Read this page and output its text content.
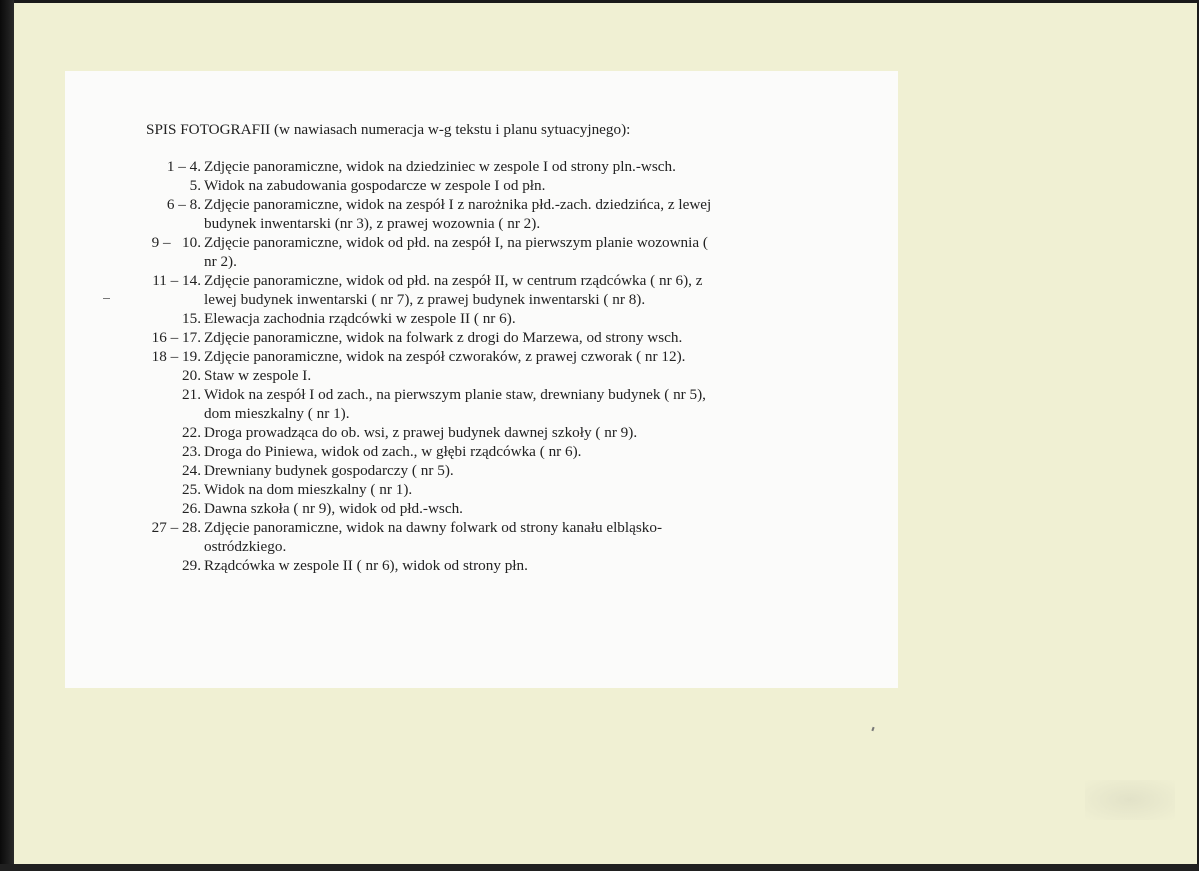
SPIS FOTOGRAFII (w nawiasach numeracja w-g tekstu i planu sytuacyjnego):
1 – 4. Zdjęcie panoramiczne, widok na dziedziniec w zespole I od strony pln.-wsch.
5. Widok na zabudowania gospodarcze w zespole I od płn.
6 – 8. Zdjęcie panoramiczne, widok na zespół I z narożnika płd.-zach. dziedzińca, z lewej budynek inwentarski (nr 3), z prawej wozownia ( nr 2).
9 –   10. Zdjęcie panoramiczne, widok od płd. na zespół I, na pierwszym planie wozownia ( nr 2).
11 – 14. Zdjęcie panoramiczne, widok od płd. na zespół II, w centrum rządcówka ( nr 6), z lewej budynek inwentarski ( nr 7), z prawej budynek inwentarski ( nr 8).
15. Elewacja zachodnia rządcówki w zespole II ( nr 6).
16 – 17. Zdjęcie panoramiczne, widok na folwark z drogi do Marzewa, od strony wsch.
18 – 19. Zdjęcie panoramiczne, widok na zespół czworaków, z prawej czworak ( nr 12).
20. Staw w zespole I.
21. Widok na zespół I od zach., na pierwszym planie staw, drewniany budynek ( nr 5), dom mieszkalny ( nr 1).
22. Droga prowadząca do ob. wsi, z prawej budynek dawnej szkoły ( nr 9).
23. Droga do Piniewa, widok od zach., w głębi rządcówka ( nr 6).
24. Drewniany budynek gospodarczy ( nr 5).
25. Widok na dom mieszkalny ( nr 1).
26. Dawna szkoła ( nr 9), widok od płd.-wsch.
27 – 28. Zdjęcie panoramiczne, widok na dawny folwark od strony kanału elbląsko-ostródzkiego.
29. Rządcówka w zespole II ( nr 6), widok od strony płn.
